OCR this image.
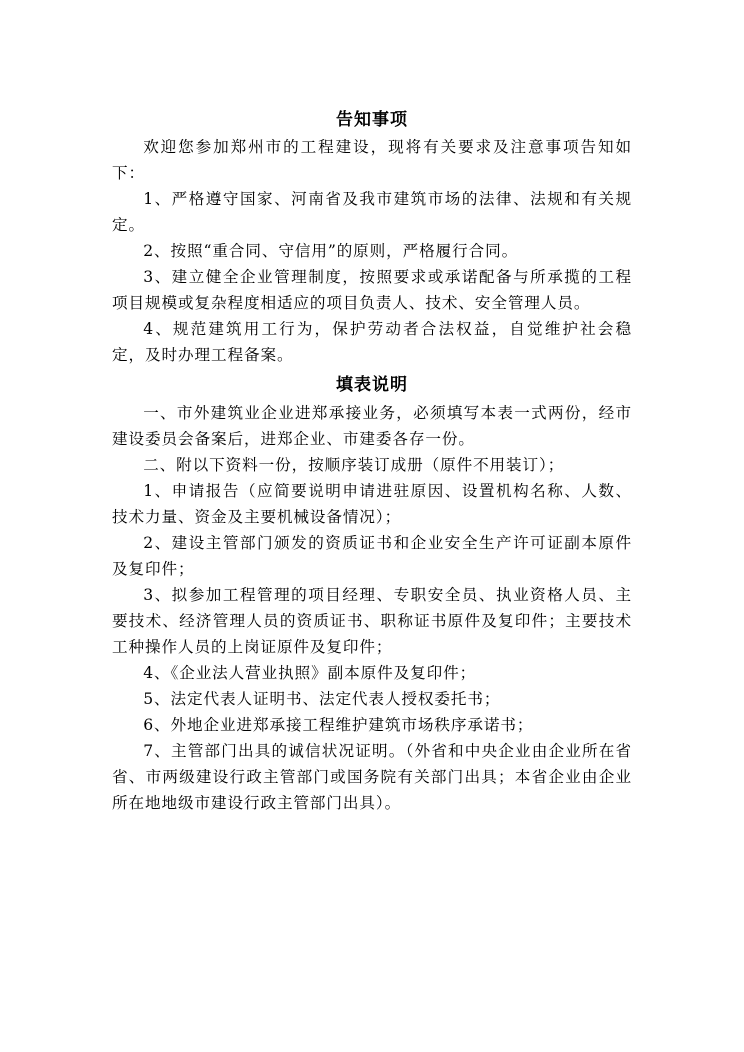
告知事项

欢迎您参加郑州市的工程建设，现将有关要求及注意事项告知如下：

1、严格遵守国家、河南省及我市建筑市场的法律、法规和有关规定。

2、按照“重合同、守信用”的原则，严格履行合同。

3、建立健全企业管理制度，按照要求或承诺配备与所承揽的工程项目规模或复杂程度相适应的项目负责人、技术、安全管理人员。

4、规范建筑用工行为，保护劳动者合法权益，自觉维护社会稳定，及时办理工程备案。

填表说明

一、市外建筑业企业进郑承接业务，必须填写本表一式两份，经市建设委员会备案后，进郑企业、市建委各存一份。

二、附以下资料一份，按顺序装订成册（原件不用装订）；

1、申请报告（应简要说明申请进驻原因、设置机构名称、人数、技术力量、资金及主要机械设备情况）；

2、建设主管部门颁发的资质证书和企业安全生产许可证副本原件及复印件；

3、拟参加工程管理的项目经理、专职安全员、执业资格人员、主要技术、经济管理人员的资质证书、职称证书原件及复印件；主要技术工种操作人员的上岗证原件及复印件；

4、《企业法人营业执照》副本原件及复印件；

5、法定代表人证明书、法定代表人授权委托书；

6、外地企业进郑承接工程维护建筑市场秩序承诺书；

7、主管部门出具的诚信状况证明。（外省和中央企业由企业所在省省、市两级建设行政主管部门或国务院有关部门出具；本省企业由企业所在地地级市建设行政主管部门出具）。
